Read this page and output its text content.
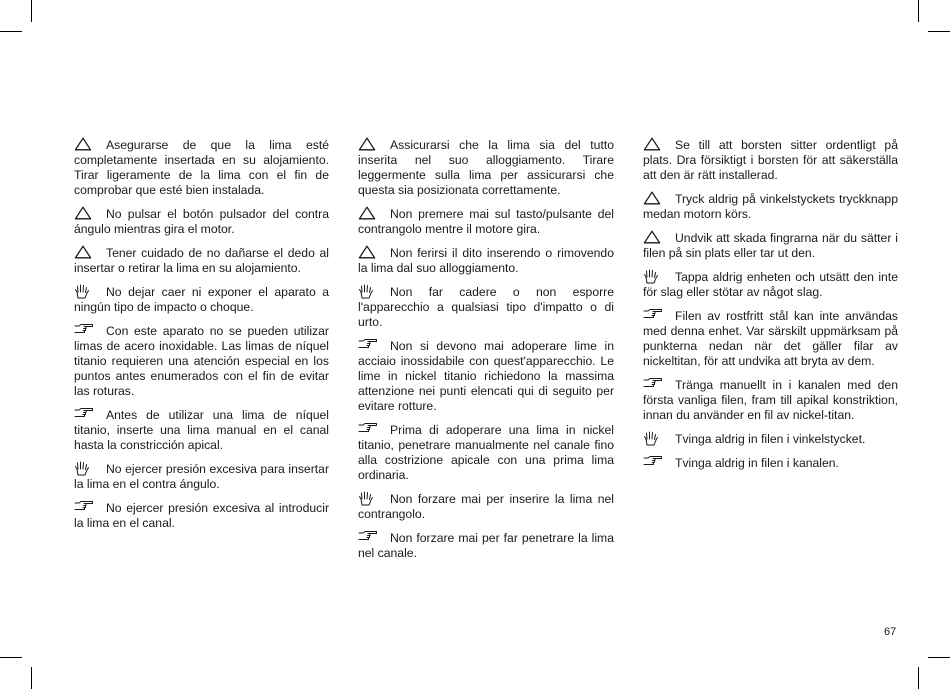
Asegurarse de que la lima esté completamente insertada en su alojamiento. Tirar ligeramente de la lima con el fin de comprobar que esté bien instalada.
No pulsar el botón pulsador del contra ángulo mientras gira el motor.
Tener cuidado de no dañarse el dedo al insertar o retirar la lima en su alojamiento.
No dejar caer ni exponer el aparato a ningún tipo de impacto o choque.
Con este aparato no se pueden utilizar limas de acero inoxidable. Las limas de níquel titanio requieren una atención especial en los puntos antes enumerados con el fin de evitar las roturas.
Antes de utilizar una lima de níquel titanio, inserte una lima manual en el canal hasta la constricción apical.
No ejercer presión excesiva para insertar la lima en el contra ángulo.
No ejercer presión excesiva al introducir la lima en el canal.
Assicurarsi che la lima sia del tutto inserita nel suo alloggiamento. Tirare leggermente sulla lima per assicurarsi che questa sia posizionata correttamente.
Non premere mai sul tasto/pulsante del contrangolo mentre il motore gira.
Non ferirsi il dito inserendo o rimovendo la lima dal suo alloggiamento.
Non far cadere o non esporre l'apparecchio a qualsiasi tipo d'impatto o di urto.
Non si devono mai adoperare lime in acciaio inossidabile con quest'apparecchio. Le lime in nickel titanio richiedono la massima attenzione nei punti elencati qui di seguito per evitare rotture.
Prima di adoperare una lima in nickel titanio, penetrare manualmente nel canale fino alla costrizione apicale con una prima lima ordinaria.
Non forzare mai per inserire la lima nel contrangolo.
Non forzare mai per far penetrare la lima nel canale.
Se till att borsten sitter ordentligt på plats. Dra försiktigt i borsten för att säkerställa att den är rätt installerad.
Tryck aldrig på vinkelstyckets tryckknapp medan motorn körs.
Undvik att skada fingrarna när du sätter i filen på sin plats eller tar ut den.
Tappa aldrig enheten och utsätt den inte för slag eller stötar av något slag.
Filen av rostfritt stål kan inte användas med denna enhet. Var särskilt uppmärksam på punkterna nedan när det gäller filar av nickeltitan, för att undvika att bryta av dem.
Tränga manuellt in i kanalen med den första vanliga filen, fram till apikal konstriktion, innan du använder en fil av nickel-titan.
Tvinga aldrig in filen i vinkelstycket.
Tvinga aldrig in filen i kanalen.
67
